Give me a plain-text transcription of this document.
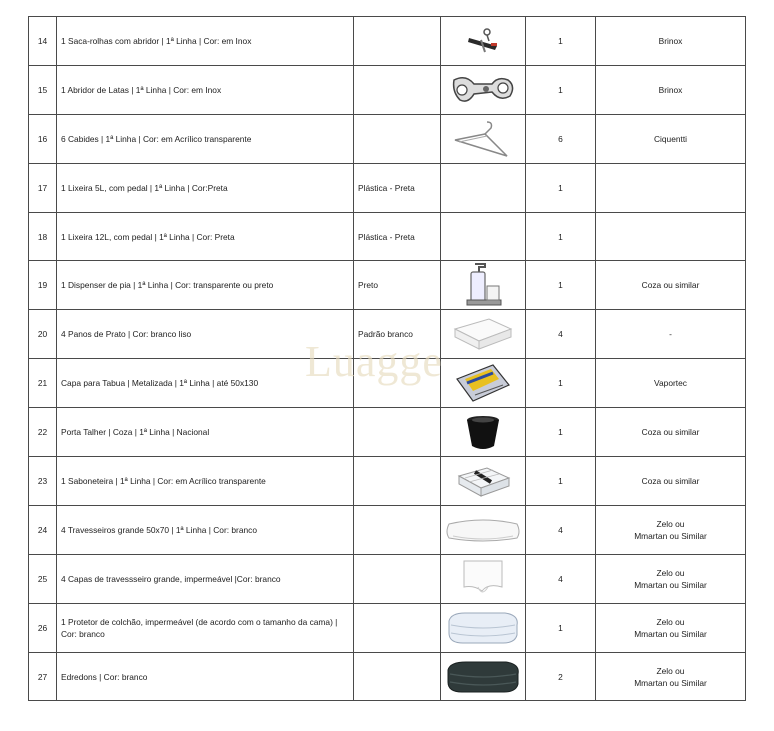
14	1 Saca-rolhas com abridor | 1ª Linha | Cor: em Inox			1	Brinox
15	1 Abridor de Latas | 1ª Linha | Cor: em Inox			1	Brinox
16	6 Cabides | 1ª Linha | Cor: em Acrílico transparente			6	Ciquentti
17	1 Lixeira 5L, com pedal | 1ª Linha | Cor:Preta	Plástica - Preta		1	
18	1 Lixeira 12L, com pedal | 1ª Linha | Cor: Preta	Plástica - Preta		1	
19	1 Dispenser de pia | 1ª Linha | Cor: transparente ou preto	Preto		1	Coza ou similar
20	4 Panos de Prato | Cor: branco liso	Padrão branco		4	-
21	Capa para Tabua | Metalizada | 1ª Linha | até 50x130			1	Vaportec
22	Porta Talher | Coza | 1ª Linha | Nacional			1	Coza ou similar
23	1 Saboneteira | 1ª Linha | Cor: em Acrílico transparente			1	Coza ou similar
24	4 Travesseiros grande 50x70 | 1ª Linha | Cor: branco			4	Zelo ou
Mmartan ou Similar
25	4 Capas de travessseiro grande, impermeável |Cor: branco			4	Zelo ou
Mmartan ou Similar
26	1 Protetor de colchão, impermeável (de acordo com o tamanho da cama) | Cor: branco			1	Zelo ou
Mmartan ou Similar
27	Edredons | Cor: branco			2	Zelo ou
Mmartan ou Similar
Luagge
